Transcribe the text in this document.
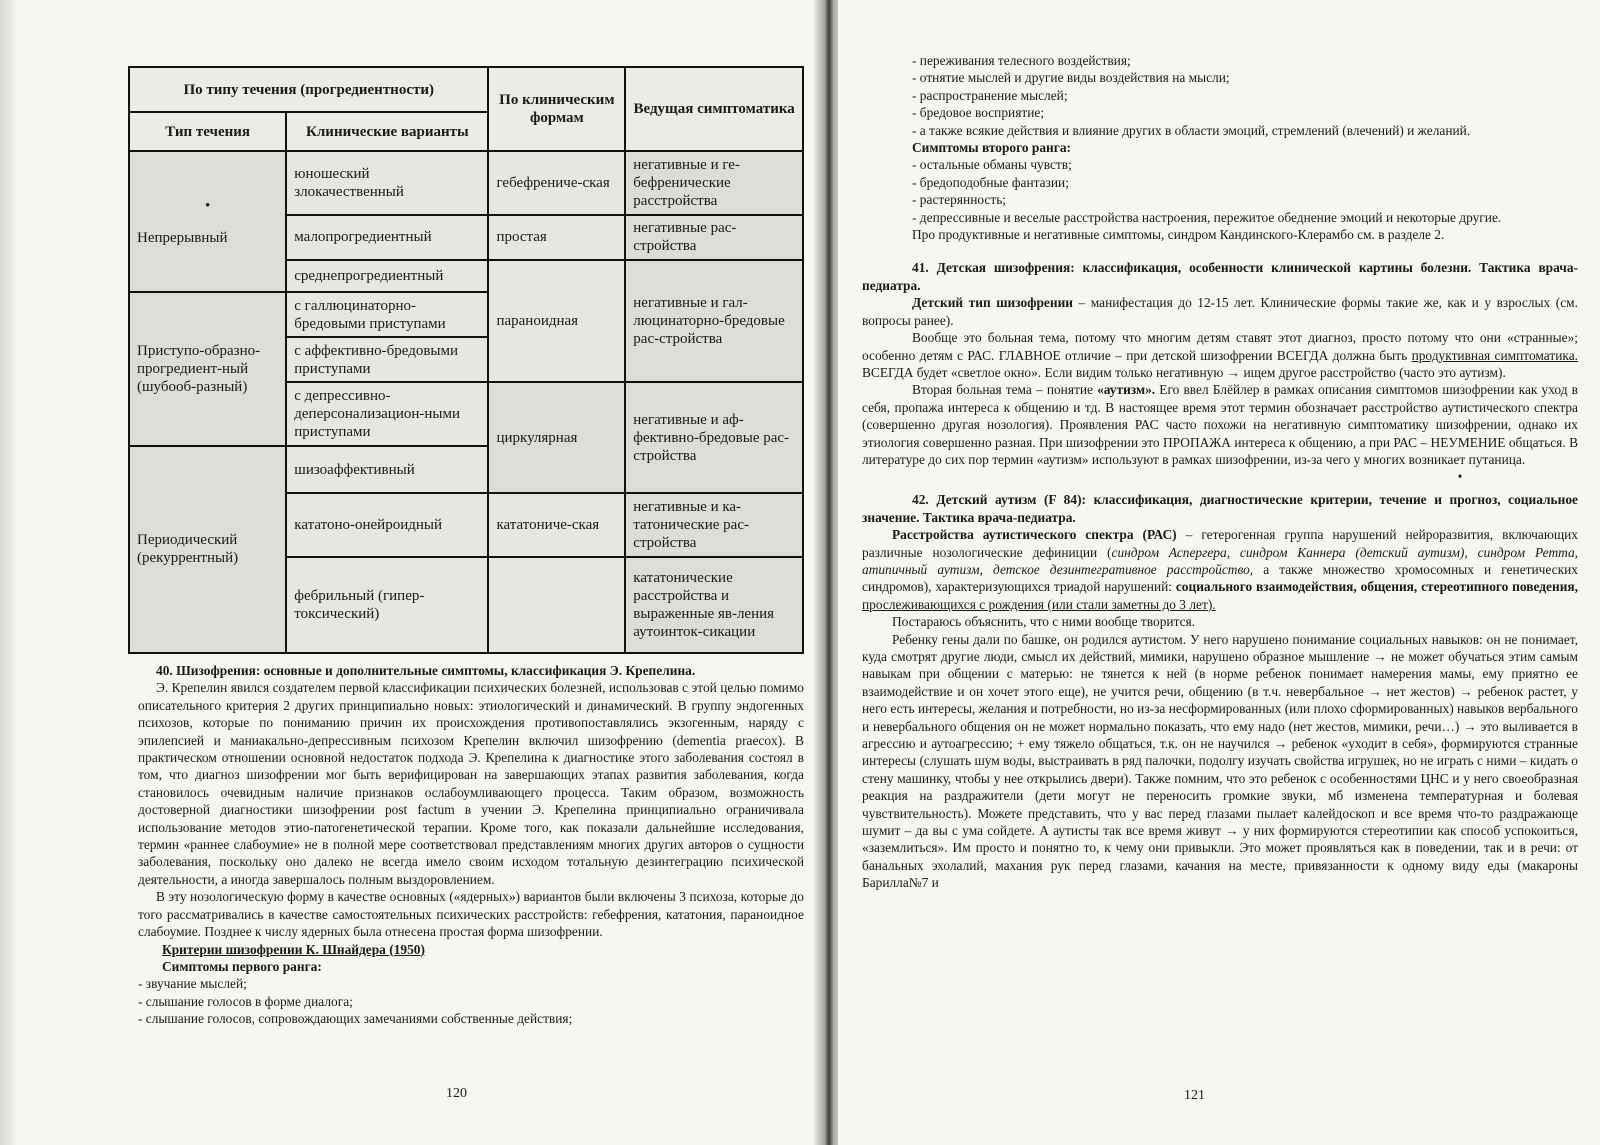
По типу течения (прогредиентности)		По клиническим формам	Ведущая симптоматика
Тип течения	Клинические варианты		

•
Непрерывный	юношеский злокачественный	гебефрениче-ская	негативные и ге-бефренические расстройства
	малопрогредиентный	простая	негативные рас-стройства
	среднепрогредиентный	параноидная	негативные и гал-люцинаторно-бредовые рас-стройства
Приступо-образно-прогредиент-ный (шубооб-разный)	с галлюцинаторно-бредовыми приступами		
	с аффективно-бредовыми приступами		
	с депрессивно-деперсонализацион-ными приступами	циркулярная	негативные и аф-фективно-бредовые рас-стройства
Периодический (рекуррентный)	шизоаффективный		
	кататоно-онейроидный	кататониче-ская	негативные и ка-татонические рас-стройства
	фебрильный (гипер-токсический)		кататонические расстройства и выраженные яв-ления аутоинток-сикации

40. Шизофрения: основные и дополнительные симптомы, классификация Э. Крепелина.

Э. Крепелин явился создателем первой классификации психических болезней, использовав с этой целью помимо описательного критерия 2 других принципиально новых: этиологический и динамический. В группу эндогенных психозов, которые по пониманию причин их происхождения противопоставлялись экзогенным, наряду с эпилепсией и маниакально-депрессивным психозом Крепелин включил шизофрению (dementia praecox). В практическом отношении основной недостаток подхода Э. Крепелина к диагностике этого заболевания состоял в том, что диагноз шизофрении мог быть верифицирован на завершающих этапах развития заболевания, когда становилось очевидным наличие признаков ослабоумливающего процесса. Таким образом, возможность достоверной диагностики шизофрении post factum в учении Э. Крепелина принципиально ограничивала использование методов этио-патогенетической терапии. Кроме того, как показали дальнейшие исследования, термин «раннее слабоумие» не в полной мере соответствовал представлениям многих других авторов о сущности заболевания, поскольку оно далеко не всегда имело своим исходом тотальную дезинтеграцию психической деятельности, а иногда завершалось полным выздоровлением.

В эту нозологическую форму в качестве основных («ядерных») вариантов были включены 3 психоза, которые до того рассматривались в качестве самостоятельных психических расстройств: гебефрения, кататония, параноидное слабоумие. Позднее к числу ядерных была отнесена простая форма шизофрении.

Критерии шизофрении К. Шнайдера (1950)

Симптомы первого ранга:

- звучание мыслей;

- слышание голосов в форме диалога;

- слышание голосов, сопровождающих замечаниями собственные действия;

120

- переживания телесного воздействия;

- отнятие мыслей и другие виды воздействия на мысли;

- распространение мыслей;

- бредовое восприятие;

- а также всякие действия и влияние других в области эмоций, стремлений (влечений) и желаний.

Симптомы второго ранга:

- остальные обманы чувств;

- бредоподобные фантазии;

- растерянность;

- депрессивные и веселые расстройства настроения, пережитое обеднение эмоций и некоторые другие.

Про продуктивные и негативные симптомы, синдром Кандинского-Клерамбо см. в разделе 2.

41. Детская шизофрения: классификация, особенности клинической картины болезни. Тактика врача-педиатра.

Детский тип шизофрении – манифестация до 12-15 лет. Клинические формы такие же, как и у взрослых (см. вопросы ранее).

Вообще это больная тема, потому что многим детям ставят этот диагноз, просто потому что они «странные»; особенно детям с РАС. ГЛАВНОЕ отличие – при детской шизофрении ВСЕГДА должна быть продуктивная симптоматика. ВСЕГДА будет «светлое окно». Если видим только негативную → ищем другое расстройство (часто это аутизм).

Вторая больная тема – понятие «аутизм». Его ввел Блёйлер в рамках описания симптомов шизофрении как уход в себя, пропажа интереса к общению и тд. В настоящее время этот термин обозначает расстройство аутистического спектра (совершенно другая нозология). Проявления РАС часто похожи на негативную симптоматику шизофрении, однако их этиология совершенно разная. При шизофрении это ПРОПАЖА интереса к общению, а при РАС – НЕУМЕНИЕ общаться. В литературе до сих пор термин «аутизм» используют в рамках шизофрении, из-за чего у многих возникает путаница.

•

42. Детский аутизм (F 84): классификация, диагностические критерии, течение и прогноз, социальное значение. Тактика врача-педиатра.

Расстройства аутистического спектра (РАС) – гетерогенная группа нарушений нейроразвития, включающих различные нозологические дефиниции (синдром Аспергера, синдром Каннера (детский аутизм), синдром Ретта, атипичный аутизм, детское дезинтегративное расстройство, а также множество хромосомных и генетических синдромов), характеризующихся триадой нарушений: социального взаимодействия, общения, стереотипного поведения, прослеживающихся с рождения (или стали заметны до 3 лет).

Постараюсь объяснить, что с ними вообще творится.

Ребенку гены дали по башке, он родился аутистом. У него нарушено понимание социальных навыков: он не понимает, куда смотрят другие люди, смысл их действий, мимики, нарушено образное мышление → не может обучаться этим самым навыкам при общении с матерью: не тянется к ней (в норме ребенок понимает намерения мамы, ему приятно ее взаимодействие и он хочет этого еще), не учится речи, общению (в т.ч. невербальное → нет жестов) → ребенок растет, у него есть интересы, желания и потребности, но из-за несформированных (или плохо сформированных) навыков вербального и невербального общения он не может нормально показать, что ему надо (нет жестов, мимики, речи…) → это выливается в агрессию и аутоагрессию; + ему тяжело общаться, т.к. он не научился → ребенок «уходит в себя», формируются странные интересы (слушать шум воды, выстраивать в ряд палочки, подолгу изучать свойства игрушек, но не играть с ними – кидать о стену машинку, чтобы у нее открылись двери). Также помним, что это ребенок с особенностями ЦНС и у него своеобразная реакция на раздражители (дети могут не переносить громкие звуки, мб изменена температурная и болевая чувствительность). Можете представить, что у вас перед глазами пылает калейдоскоп и все время что-то раздражающе шумит – да вы с ума сойдете. А аутисты так все время живут → у них формируются стереотипии как способ успокоиться, «заземлиться». Им просто и понятно то, к чему они привыкли. Это может проявляться как в поведении, так и в речи: от банальных эхолалий, махания рук перед глазами, качания на месте, привязанности к одному виду еды (макароны Барилла№7 и

121
